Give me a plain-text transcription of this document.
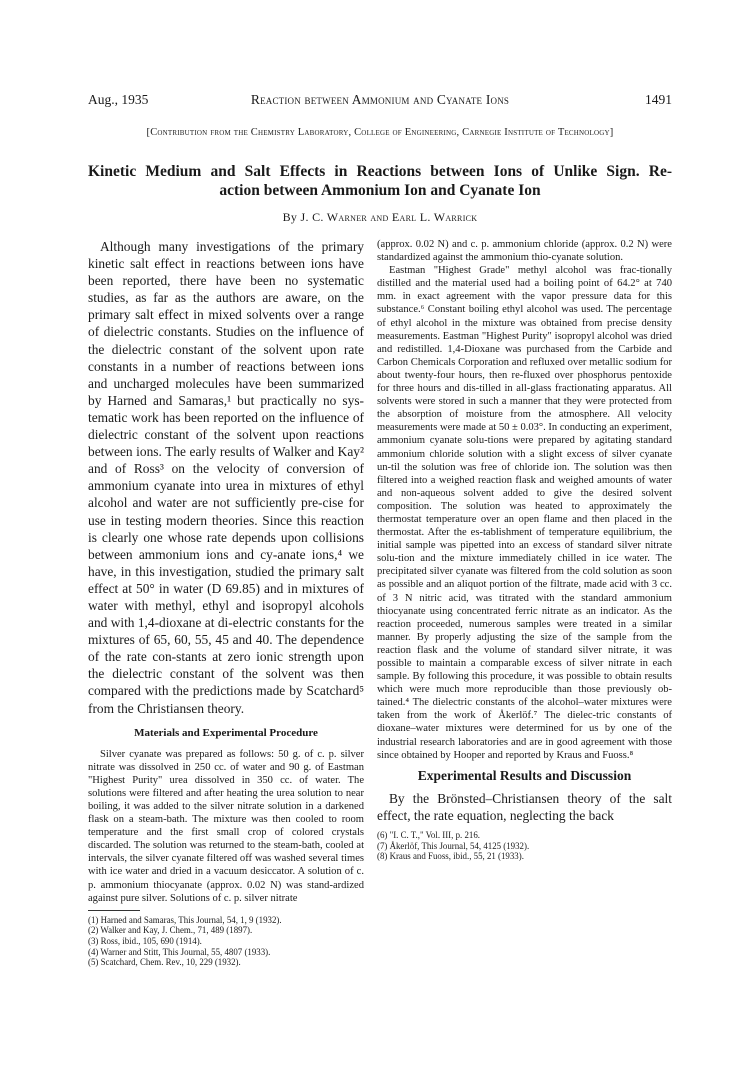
Aug., 1935	Reaction between Ammonium and Cyanate Ions	1491
[Contribution from the Chemistry Laboratory, College of Engineering, Carnegie Institute of Technology]
Kinetic Medium and Salt Effects in Reactions between Ions of Unlike Sign. Re-
action between Ammonium Ion and Cyanate Ion
By J. C. Warner and Earl L. Warrick

Although many investigations of the primary kinetic salt effect in reactions between ions have been reported, there have been no systematic studies, as far as the authors are aware, on the primary salt effect in mixed solvents over a range of dielectric constants. Studies on the influence of the dielectric constant of the solvent upon rate constants in a number of reactions between ions and uncharged molecules have been summarized by Harned and Samaras,¹ but practically no sys-tematic work has been reported on the influence of dielectric constant of the solvent upon reactions between ions. The early results of Walker and Kay² and of Ross³ on the velocity of conversion of ammonium cyanate into urea in mixtures of ethyl alcohol and water are not sufficiently pre-cise for use in testing modern theories. Since this reaction is clearly one whose rate depends upon collisions between ammonium ions and cy-anate ions,⁴ we have, in this investigation, studied the primary salt effect at 50° in water (D 69.85) and in mixtures of water with methyl, ethyl and isopropyl alcohols and with 1,4-dioxane at di-electric constants for the mixtures of 65, 60, 55, 45 and 40. The dependence of the rate con-stants at zero ionic strength upon the dielectric constant of the solvent was then compared with the predictions made by Scatchard⁵ from the Christiansen theory.

Materials and Experimental Procedure

Silver cyanate was prepared as follows: 50 g. of c. p. silver nitrate was dissolved in 250 cc. of water and 90 g. of Eastman "Highest Purity" urea dissolved in 350 cc. of water. The solutions were filtered and after heating the urea solution to near boiling, it was added to the silver nitrate solution in a darkened flask on a steam-bath. The mixture was then cooled to room temperature and the first small crop of colored crystals discarded. The solution was returned to the steam-bath, cooled at intervals, the silver cyanate filtered off was washed several times with ice water and dried in a vacuum desiccator. A solution of c. p. ammonium thiocyanate (approx. 0.02 N) was stand-ardized against pure silver. Solutions of c. p. silver nitrate

(1) Harned and Samaras, This Journal, 54, 1, 9 (1932).

(2) Walker and Kay, J. Chem., 71, 489 (1897).

(3) Ross, ibid., 105, 690 (1914).

(4) Warner and Stitt, This Journal, 55, 4807 (1933).

(5) Scatchard, Chem. Rev., 10, 229 (1932).

(approx. 0.02 N) and c. p. ammonium chloride (approx. 0.2 N) were standardized against the ammonium thio-cyanate solution.

Eastman "Highest Grade" methyl alcohol was frac-tionally distilled and the material used had a boiling point of 64.2° at 740 mm. in exact agreement with the vapor pressure data for this substance.⁶ Constant boiling ethyl alcohol was used. The percentage of ethyl alcohol in the mixture was obtained from precise density measurements. Eastman "Highest Purity" isopropyl alcohol was dried and redistilled. 1,4-Dioxane was purchased from the Carbide and Carbon Chemicals Corporation and refluxed over metallic sodium for about twenty-four hours, then re-fluxed over phosphorus pentoxide for three hours and dis-tilled in all-glass fractionating apparatus. All solvents were stored in such a manner that they were protected from the absorption of moisture from the atmosphere. All velocity measurements were made at 50 ± 0.03°. In conducting an experiment, ammonium cyanate solu-tions were prepared by agitating standard ammonium chloride solution with a slight excess of silver cyanate un-til the solution was free of chloride ion. The solution was then filtered into a weighed reaction flask and weighed amounts of water and non-aqueous solvent added to give the desired solvent composition. The solution was heated to approximately the thermostat temperature over an open flame and then placed in the thermostat. After the es-tablishment of temperature equilibrium, the initial sample was pipetted into an excess of standard silver nitrate solu-tion and the mixture immediately chilled in ice water. The precipitated silver cyanate was filtered from the cold solution as soon as possible and an aliquot portion of the filtrate, made acid with 3 cc. of 3 N nitric acid, was titrated with the standard ammonium thiocyanate using concentrated ferric nitrate as an indicator. As the reaction proceeded, numerous samples were treated in a similar manner. By properly adjusting the size of the sample from the reaction flask and the volume of standard silver nitrate, it was possible to maintain a comparable excess of silver nitrate in each sample. By following this procedure, it was possible to obtain results which were much more reproducible than those previously ob-tained.⁴ The dielectric constants of the alcohol–water mixtures were taken from the work of Åkerlöf.⁷ The dielec-tric constants of dioxane–water mixtures were determined for us by one of the industrial research laboratories and are in good agreement with those since obtained by Hooper and reported by Kraus and Fuoss.⁸

Experimental Results and Discussion

By the Brönsted–Christiansen theory of the salt effect, the rate equation, neglecting the back

(6) "I. C. T.," Vol. III, p. 216.

(7) Åkerlöf, This Journal, 54, 4125 (1932).

(8) Kraus and Fuoss, ibid., 55, 21 (1933).
